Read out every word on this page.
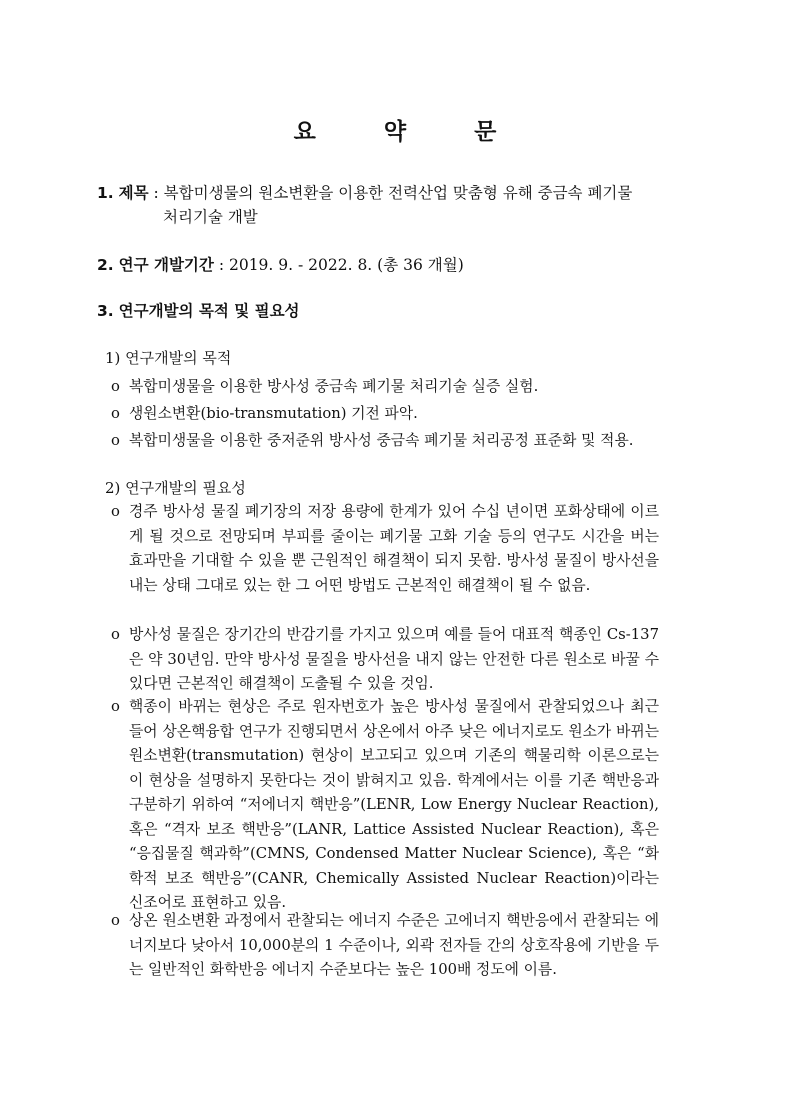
요 약 문
1. 제목 : 복합미생물의 원소변환을 이용한 전력산업 맞춤형 유해 중금속 폐기물
처리기술 개발
2. 연구 개발기간 : 2019. 9. - 2022. 8. (총 36 개월)
3. 연구개발의 목적 및 필요성
1) 연구개발의 목적
o 복합미생물을 이용한 방사성 중금속 폐기물 처리기술 실증 실험.
o 생원소변환(bio-transmutation) 기전 파악.
o 복합미생물을 이용한 중저준위 방사성 중금속 폐기물 처리공정 표준화 및 적용.
2) 연구개발의 필요성
o 경주 방사성 물질 폐기장의 저장 용량에 한계가 있어 수십 년이면 포화상태에 이르게 될 것으로 전망되며 부피를 줄이는 폐기물 고화 기술 등의 연구도 시간을 버는 효과만을 기대할 수 있을 뿐 근원적인 해결책이 되지 못함. 방사성 물질이 방사선을 내는 상태 그대로 있는 한 그 어떤 방법도 근본적인 해결책이 될 수 없음.
o 방사성 물질은 장기간의 반감기를 가지고 있으며 예를 들어 대표적 핵종인 Cs-137은 약 30년임. 만약 방사성 물질을 방사선을 내지 않는 안전한 다른 원소로 바꿀 수 있다면 근본적인 해결책이 도출될 수 있을 것임.
o 핵종이 바뀌는 현상은 주로 원자번호가 높은 방사성 물질에서 관찰되었으나 최근 들어 상온핵융합 연구가 진행되면서 상온에서 아주 낮은 에너지로도 원소가 바뀌는 원소변환(transmutation) 현상이 보고되고 있으며 기존의 핵물리학 이론으로는 이 현상을 설명하지 못한다는 것이 밝혀지고 있음. 학계에서는 이를 기존 핵반응과 구분하기 위하여 “저에너지 핵반응”(LENR, Low Energy Nuclear Reaction), 혹은 “격자 보조 핵반응”(LANR, Lattice Assisted Nuclear Reaction), 혹은 “응집물질 핵과학”(CMNS, Condensed Matter Nuclear Science), 혹은 “화학적 보조 핵반응”(CANR, Chemically Assisted Nuclear Reaction)이라는 신조어로 표현하고 있음.
o 상온 원소변환 과정에서 관찰되는 에너지 수준은 고에너지 핵반응에서 관찰되는 에너지보다 낮아서 10,000분의 1 수준이나, 외곽 전자들 간의 상호작용에 기반을 두는 일반적인 화학반응 에너지 수준보다는 높은 100배 정도에 이름.
